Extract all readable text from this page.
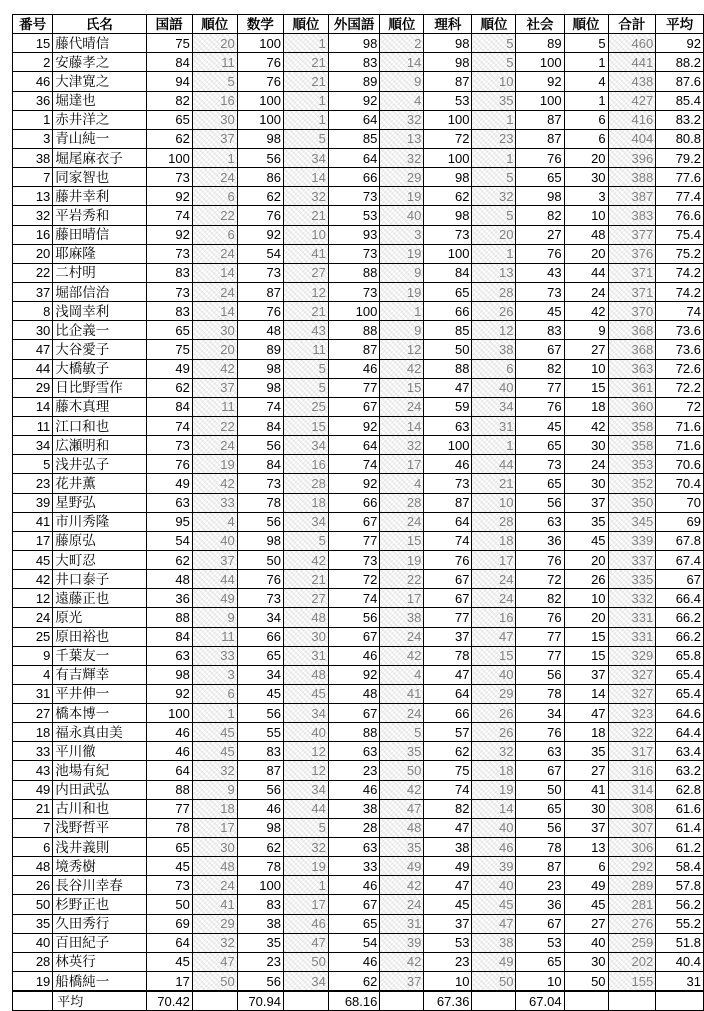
番号	氏名	国語	順位	数学	順位	外国語	順位	理科	順位	社会	順位	合計	平均
15	藤代晴信	75	20	100	1	98	2	98	5	89	5	460	92
2	安藤孝之	84	11	76	21	83	14	98	5	100	1	441	88.2
46	大津寛之	94	5	76	21	89	9	87	10	92	4	438	87.6
36	堀達也	82	16	100	1	92	4	53	35	100	1	427	85.4
1	赤井洋之	65	30	100	1	64	32	100	1	87	6	416	83.2
3	青山純一	62	37	98	5	85	13	72	23	87	6	404	80.8
38	堀尾麻衣子	100	1	56	34	64	32	100	1	76	20	396	79.2
7	同家智也	73	24	86	14	66	29	98	5	65	30	388	77.6
13	藤井幸利	92	6	62	32	73	19	62	32	98	3	387	77.4
32	平岩秀和	74	22	76	21	53	40	98	5	82	10	383	76.6
16	藤田晴信	92	6	92	10	93	3	73	20	27	48	377	75.4
20	耶麻隆	73	24	54	41	73	19	100	1	76	20	376	75.2
22	二村明	83	14	73	27	88	9	84	13	43	44	371	74.2
37	堀部信治	73	24	87	12	73	19	65	28	73	24	371	74.2
8	浅岡幸利	83	14	76	21	100	1	66	26	45	42	370	74
30	比企義一	65	30	48	43	88	9	85	12	83	9	368	73.6
47	大谷愛子	75	20	89	11	87	12	50	38	67	27	368	73.6
44	大橋敏子	49	42	98	5	46	42	88	6	82	10	363	72.6
29	日比野雪作	62	37	98	5	77	15	47	40	77	15	361	72.2
14	藤木真理	84	11	74	25	67	24	59	34	76	18	360	72
11	江口和也	74	22	84	15	92	14	63	31	45	42	358	71.6
34	広瀬明和	73	24	56	34	64	32	100	1	65	30	358	71.6
5	浅井弘子	76	19	84	16	74	17	46	44	73	24	353	70.6
23	花井薫	49	42	73	28	92	4	73	21	65	30	352	70.4
39	星野弘	63	33	78	18	66	28	87	10	56	37	350	70
41	市川秀隆	95	4	56	34	67	24	64	28	63	35	345	69
17	藤原弘	54	40	98	5	77	15	74	18	36	45	339	67.8
45	大町忍	62	37	50	42	73	19	76	17	76	20	337	67.4
42	井口泰子	48	44	76	21	72	22	67	24	72	26	335	67
12	遠藤正也	36	49	73	27	74	17	67	24	82	10	332	66.4
24	原光	88	9	34	48	56	38	77	16	76	20	331	66.2
25	原田裕也	84	11	66	30	67	24	37	47	77	15	331	66.2
9	千葉友一	63	33	65	31	46	42	78	15	77	15	329	65.8
4	有吉輝幸	98	3	34	48	92	4	47	40	56	37	327	65.4
31	平井伸一	92	6	45	45	48	41	64	29	78	14	327	65.4
27	橋本博一	100	1	56	34	67	24	66	26	34	47	323	64.6
18	福永真由美	46	45	55	40	88	5	57	26	76	18	322	64.4
33	平川徹	46	45	83	12	63	35	62	32	63	35	317	63.4
43	池場有紀	64	32	87	12	23	50	75	18	67	27	316	63.2
49	内田武弘	88	9	56	34	46	42	74	19	50	41	314	62.8
21	古川和也	77	18	46	44	38	47	82	14	65	30	308	61.6
7	浅野哲平	78	17	98	5	28	48	47	40	56	37	307	61.4
6	浅井義則	65	30	62	32	63	35	38	46	78	13	306	61.2
48	境秀樹	45	48	78	19	33	49	49	39	87	6	292	58.4
26	長谷川幸春	73	24	100	1	46	42	47	40	23	49	289	57.8
50	杉野正也	50	41	83	17	67	24	45	45	36	45	281	56.2
35	久田秀行	69	29	38	46	65	31	37	47	67	27	276	55.2
40	百田紀子	64	32	35	47	54	39	53	38	53	40	259	51.8
28	林英行	45	47	23	50	46	42	23	49	65	30	202	40.4
19	船橋純一	17	50	56	34	62	37	10	50	10	50	155	31
	平均	70.42		70.94		68.16		67.36		67.04			
